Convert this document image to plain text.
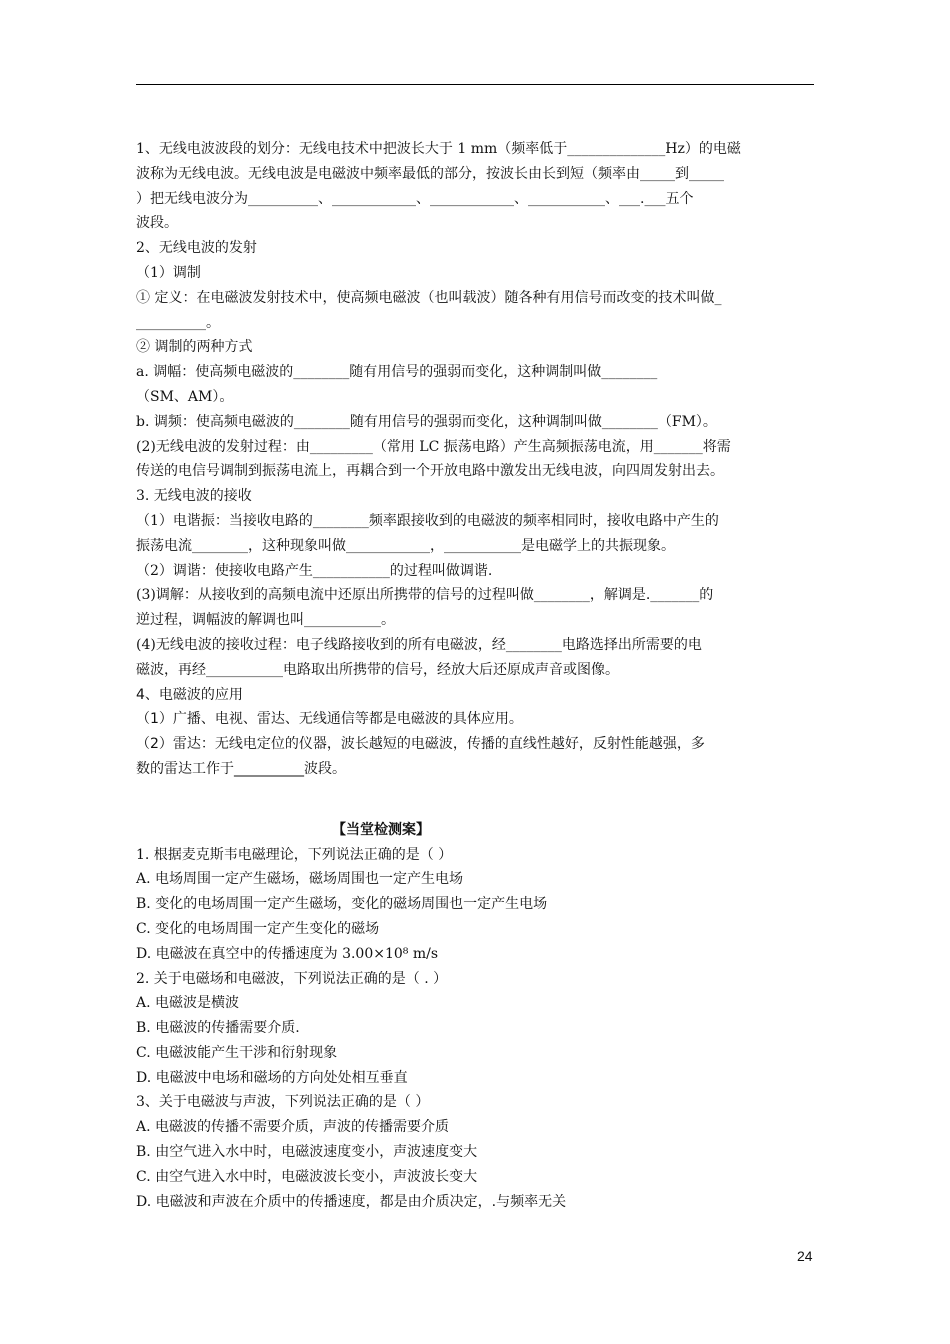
1、无线电波波段的划分：无线电技术中把波长大于 1 mm（频率低于______________Hz）的电磁
波称为无线电波。无线电波是电磁波中频率最低的部分，按波长由长到短（频率由_____到_____
）把无线电波分为__________、____________、____________、___________、___.___五个
波段。
2、无线电波的发射
（1）调制
① 定义：在电磁波发射技术中，使高频电磁波（也叫载波）随各种有用信号而改变的技术叫做_
__________。
② 调制的两种方式
a. 调幅：使高频电磁波的________随有用信号的强弱而变化，这种调制叫做________
（SM、AM）。
b. 调频：使高频电磁波的________随有用信号的强弱而变化，这种调制叫做________（FM）。
(2)无线电波的发射过程：由_________（常用 LC 振荡电路）产生高频振荡电流，用_______将需
传送的电信号调制到振荡电流上，再耦合到一个开放电路中激发出无线电波，向四周发射出去。
3. 无线电波的接收
（1）电谐振：当接收电路的________频率跟接收到的电磁波的频率相同时，接收电路中产生的
振荡电流________，这种现象叫做____________，___________是电磁学上的共振现象。
（2）调谐：使接收电路产生___________的过程叫做调谐.
(3)调解：从接收到的高频电流中还原出所携带的信号的过程叫做________，解调是._______的
逆过程，调幅波的解调也叫___________。
(4)无线电波的接收过程：电子线路接收到的所有电磁波，经________电路选择出所需要的电
磁波，再经___________电路取出所携带的信号，经放大后还原成声音或图像。
4、电磁波的应用
（1）广播、电视、雷达、无线通信等都是电磁波的具体应用。
（2）雷达：无线电定位的仪器，波长越短的电磁波，传播的直线性越好，反射性能越强，多
数的雷达工作于__________波段。
【当堂检测案】
1. 根据麦克斯韦电磁理论，下列说法正确的是（ ）
A. 电场周围一定产生磁场，磁场周围也一定产生电场
B. 变化的电场周围一定产生磁场，变化的磁场周围也一定产生电场
C. 变化的电场周围一定产生变化的磁场
D. 电磁波在真空中的传播速度为 3.00×10⁸ m/s
2. 关于电磁场和电磁波，下列说法正确的是（ . ）
A. 电磁波是横波
B. 电磁波的传播需要介质.
C. 电磁波能产生干涉和衍射现象
D. 电磁波中电场和磁场的方向处处相互垂直
3、关于电磁波与声波，下列说法正确的是（ ）
A. 电磁波的传播不需要介质，声波的传播需要介质
B. 由空气进入水中时，电磁波速度变小，声波速度变大
C. 由空气进入水中时，电磁波波长变小，声波波长变大
D. 电磁波和声波在介质中的传播速度，都是由介质决定，.与频率无关
24
